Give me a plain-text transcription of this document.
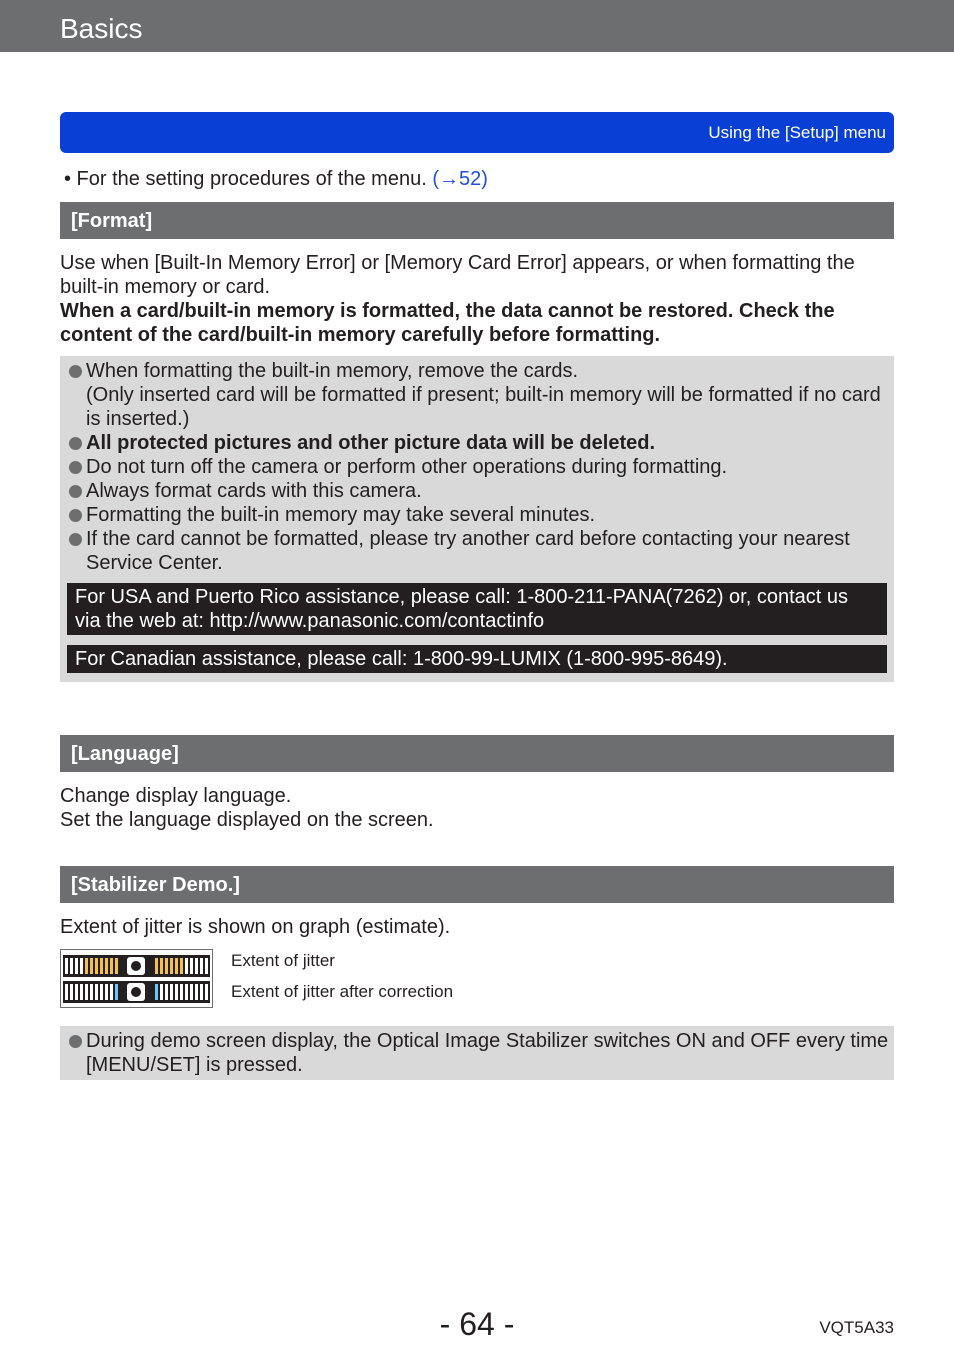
Basics
Using the [Setup] menu
• For the setting procedures of the menu. (→52)
[Format]
Use when [Built-In Memory Error] or [Memory Card Error] appears, or when formatting the built-in memory or card.
When a card/built-in memory is formatted, the data cannot be restored. Check the content of the card/built-in memory carefully before formatting.
When formatting the built-in memory, remove the cards.
(Only inserted card will be formatted if present; built-in memory will be formatted if no card is inserted.)
All protected pictures and other picture data will be deleted.
Do not turn off the camera or perform other operations during formatting.
Always format cards with this camera.
Formatting the built-in memory may take several minutes.
If the card cannot be formatted, please try another card before contacting your nearest Service Center.
For USA and Puerto Rico assistance, please call: 1-800-211-PANA(7262) or, contact us via the web at: http://www.panasonic.com/contactinfo
For Canadian assistance, please call: 1-800-99-LUMIX (1-800-995-8649).
[Language]
Change display language.
Set the language displayed on the screen.
[Stabilizer Demo.]
Extent of jitter is shown on graph (estimate).
Extent of jitter
Extent of jitter after correction
During demo screen display, the Optical Image Stabilizer switches ON and OFF every time [MENU/SET] is pressed.
- 64 -	VQT5A33
